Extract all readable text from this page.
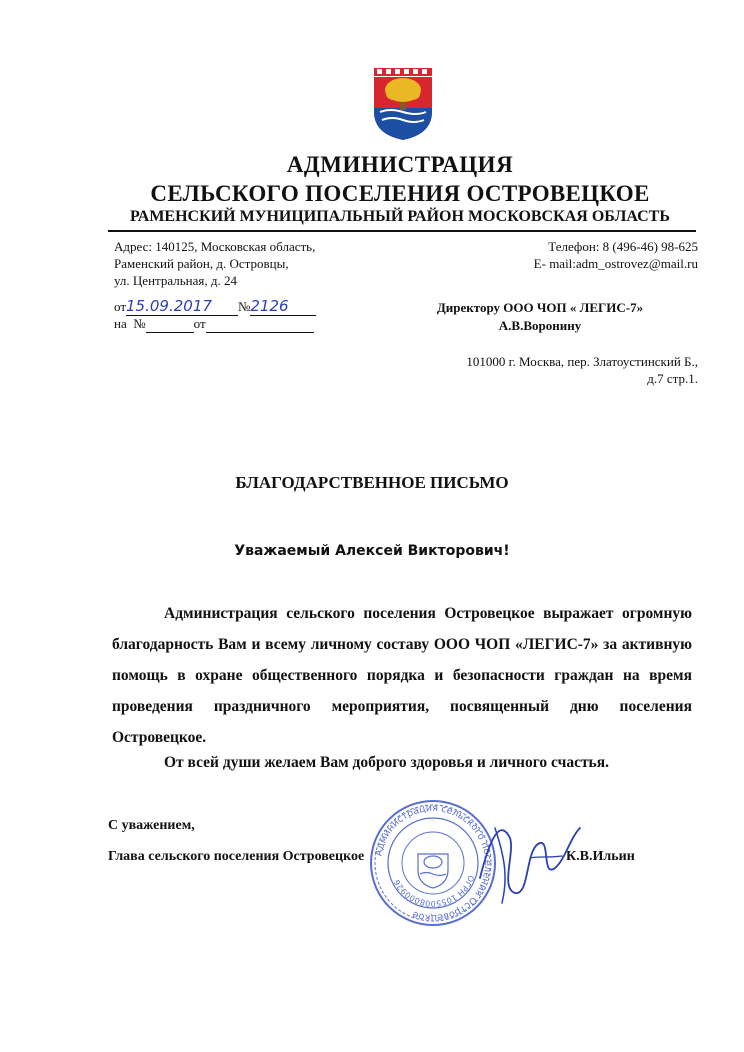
АДМИНИСТРАЦИЯ
СЕЛЬСКОГО ПОСЕЛЕНИЯ ОСТРОВЕЦКОЕ
РАМЕНСКИЙ МУНИЦИПАЛЬНЫЙ РАЙОН МОСКОВСКАЯ ОБЛАСТЬ
Адрес: 140125, Московская область,
Раменский район, д. Островцы,
ул. Центральная, д. 24
Телефон: 8 (496-46) 98-625
E- mail:adm_ostrovez@mail.ru
от15.09.2017 №2126
на №	от
Директору ООО ЧОП « ЛЕГИС-7»
А.В.Воронину
101000 г. Москва, пер. Златоустинский Б.,
д.7 стр.1.
БЛАГОДАРСТВЕННОЕ ПИСЬМО
Уважаемый Алексей Викторович!

Администрация сельского поселения Островецкое выражает огромную благодарность Вам и всему личному составу ООО ЧОП «ЛЕГИС-7» за активную помощь в охране общественного порядка и безопасности граждан на время проведения праздничного мероприятия, посвященный дню поселения Островецкое.

От всей души желаем Вам доброго здоровья и личного счастья.
С уважением,
Глава сельского поселения Островецкое	К.В.Ильин
Администрация сельского поселения Островецкое
ОГРН 1055008000926
